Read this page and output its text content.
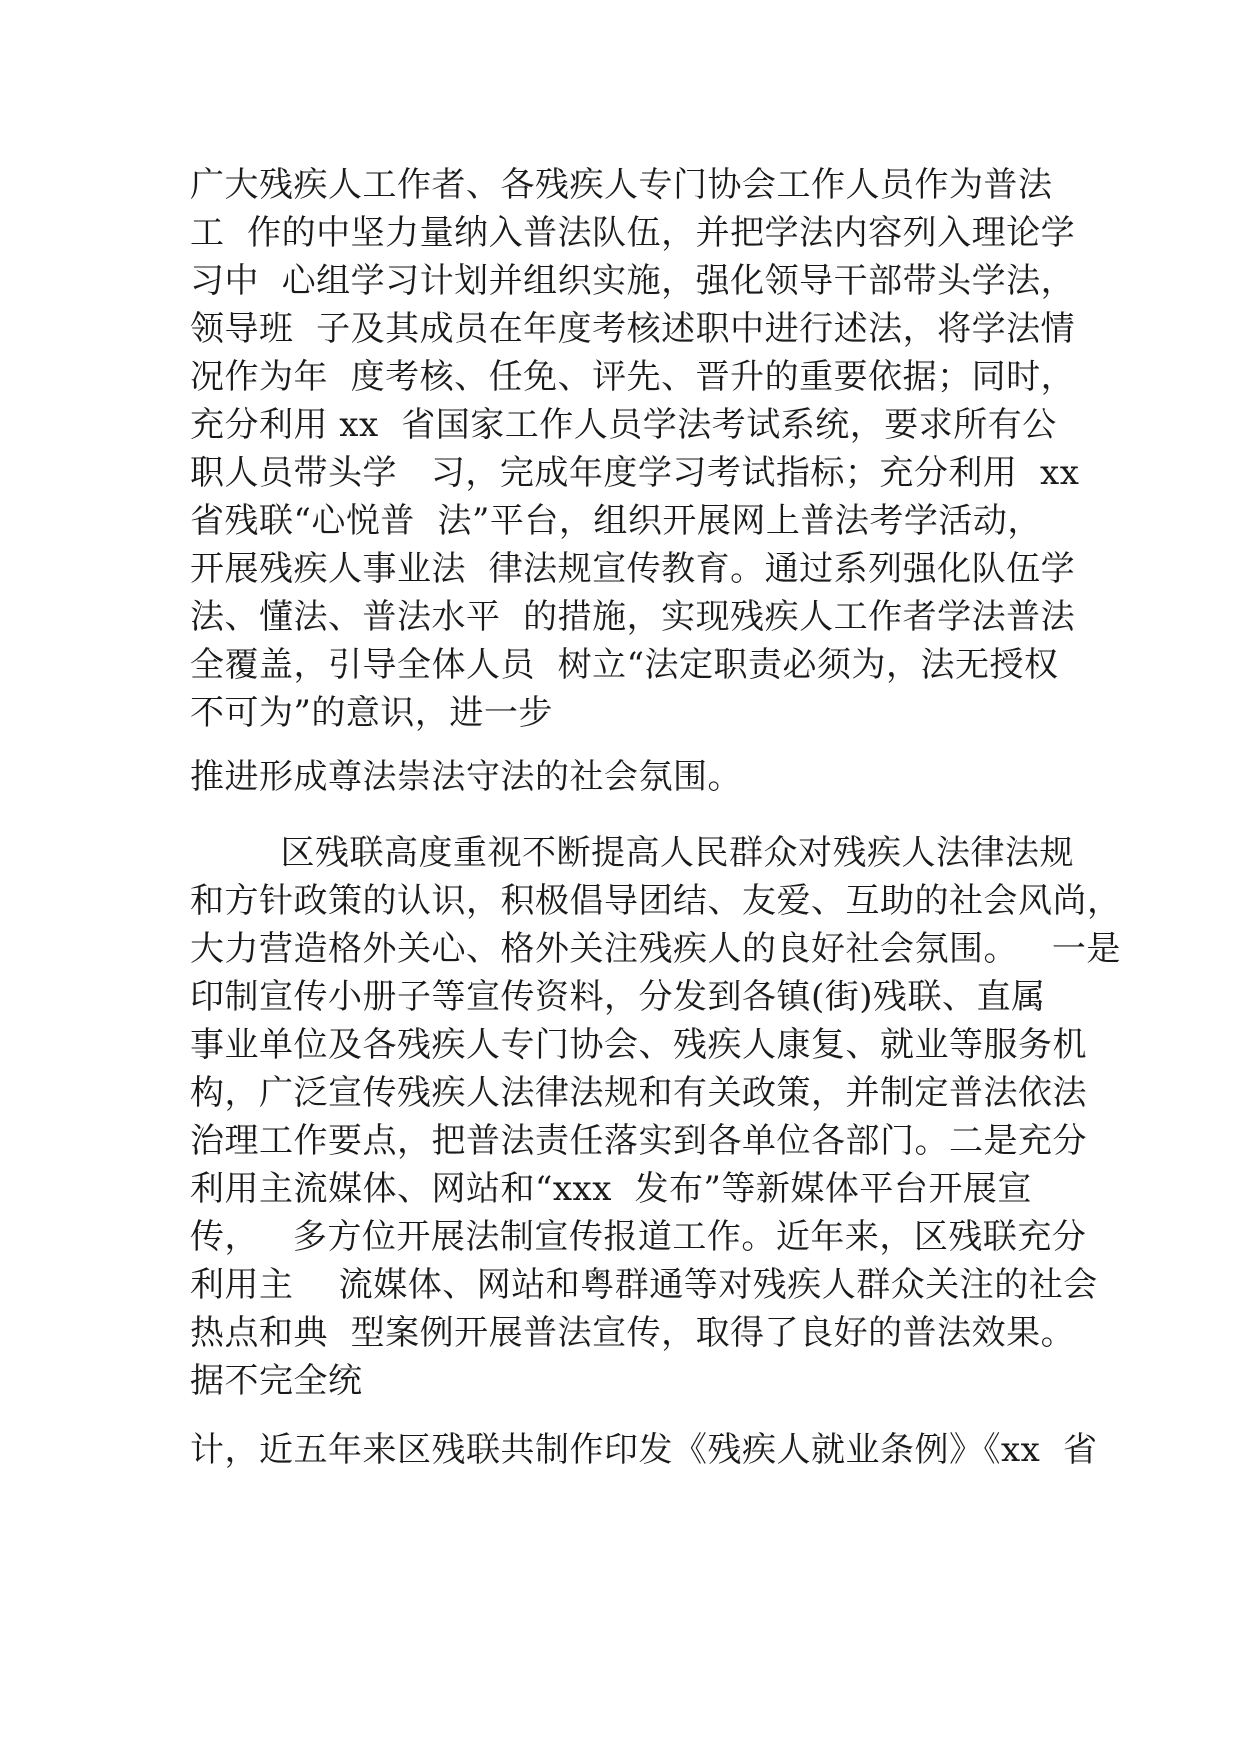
广大残疾人工作者、各残疾人专门协会工作人员作为普法
工  作的中坚力量纳入普法队伍，并把学法内容列入理论学
习中  心组学习计划并组织实施，强化领导干部带头学法，
领导班  子及其成员在年度考核述职中进行述法，将学法情
况作为年  度考核、任免、评先、晋升的重要依据；同时，
充分利用 xx  省国家工作人员学法考试系统，要求所有公
职人员带头学   习，完成年度学习考试指标；充分利用  xx
省残联“心悦普  法”平台，组织开展网上普法考学活动，
开展残疾人事业法  律法规宣传教育。通过系列强化队伍学
法、懂法、普法水平  的措施，实现残疾人工作者学法普法
全覆盖，引导全体人员  树立“法定职责必须为，法无授权
不可为”的意识，进一步
推进形成尊法崇法守法的社会氛围。
区残联高度重视不断提高人民群众对残疾人法律法规
和方针政策的认识，积极倡导团结、友爱、互助的社会风尚，
大力营造格外关心、格外关注残疾人的良好社会氛围。   一是
印制宣传小册子等宣传资料，分发到各镇(街)残联、直属
事业单位及各残疾人专门协会、残疾人康复、就业等服务机
构，广泛宣传残疾人法律法规和有关政策，并制定普法依法
治理工作要点，把普法责任落实到各单位各部门。二是充分
利用主流媒体、网站和“xxx  发布”等新媒体平台开展宣
传，   多方位开展法制宣传报道工作。近年来，区残联充分
利用主    流媒体、网站和粤群通等对残疾人群众关注的社会
热点和典  型案例开展普法宣传，取得了良好的普法效果。
据不完全统
计，近五年来区残联共制作印发《残疾人就业条例》《xx  省
